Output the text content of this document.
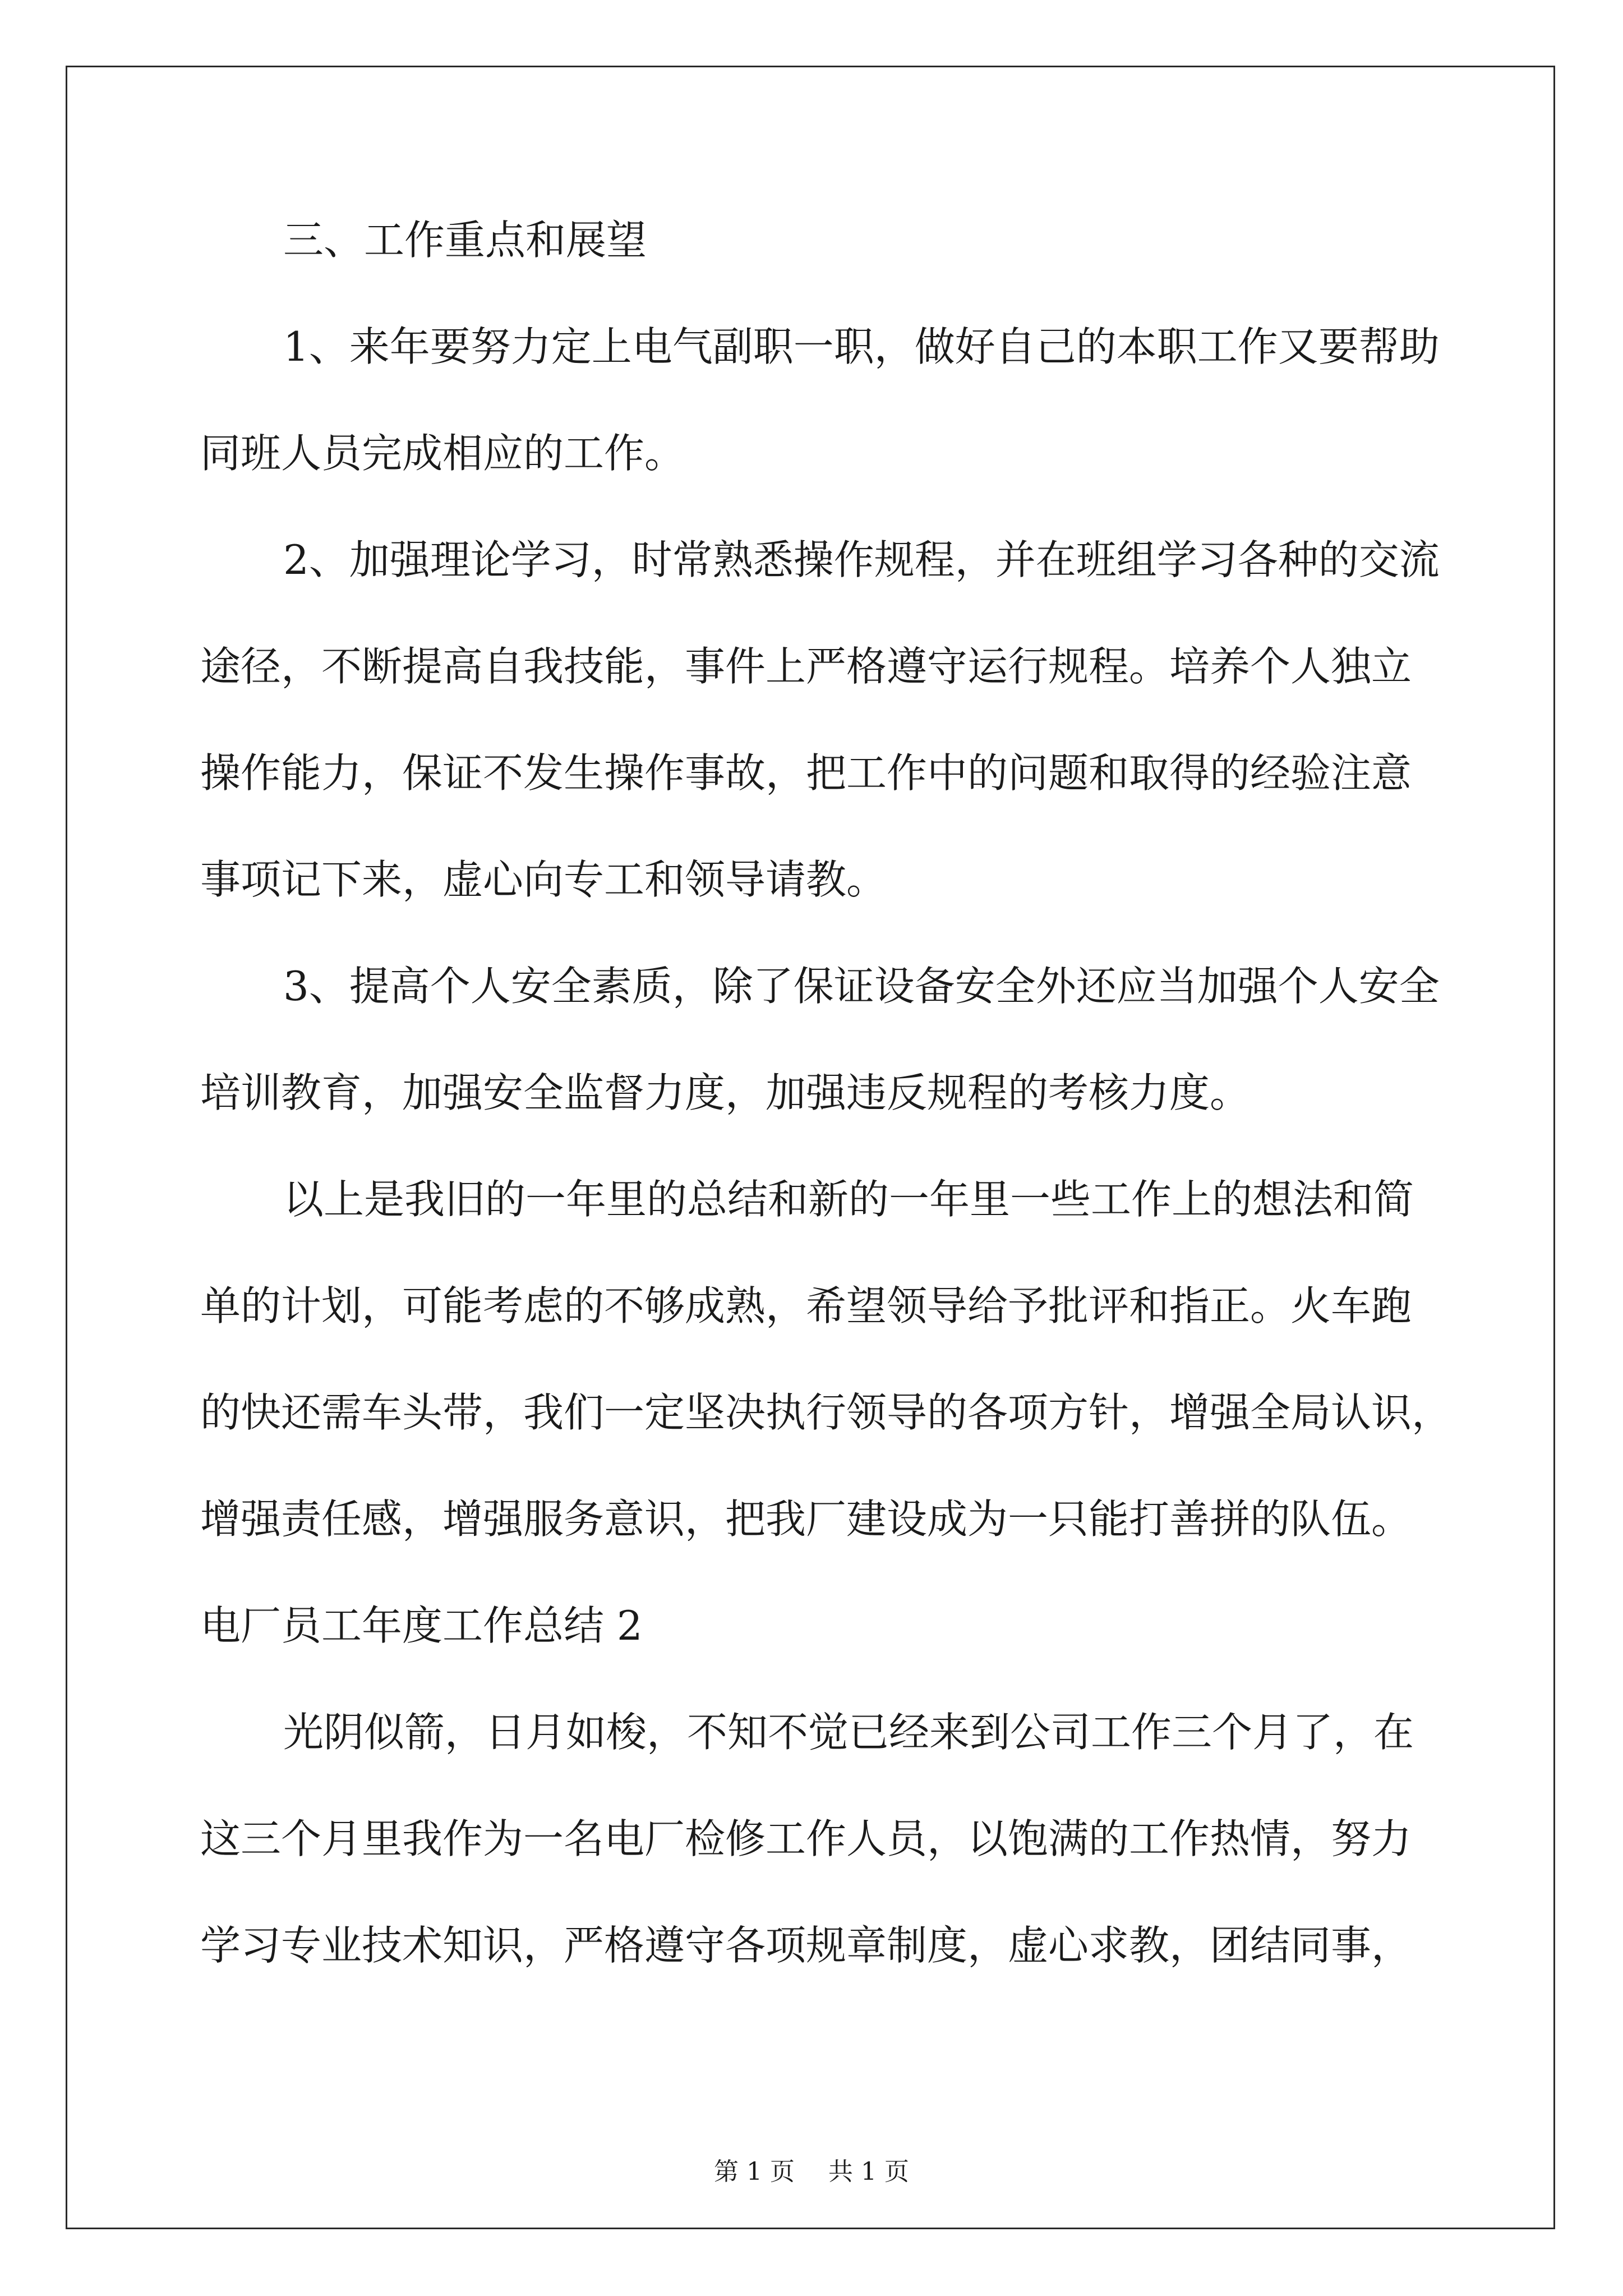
三、工作重点和展望

1、来年要努力定上电气副职一职，做好自己的本职工作又要帮助

同班人员完成相应的工作。

2、加强理论学习，时常熟悉操作规程，并在班组学习各种的交流

途径，不断提高自我技能，事件上严格遵守运行规程。培养个人独立

操作能力，保证不发生操作事故，把工作中的问题和取得的经验注意

事项记下来，虚心向专工和领导请教。

3、提高个人安全素质，除了保证设备安全外还应当加强个人安全

培训教育，加强安全监督力度，加强违反规程的考核力度。

以上是我旧的一年里的总结和新的一年里一些工作上的想法和简

单的计划，可能考虑的不够成熟，希望领导给予批评和指正。火车跑

的快还需车头带，我们一定坚决执行领导的各项方针，增强全局认识，

增强责任感，增强服务意识，把我厂建设成为一只能打善拼的队伍。

电厂员工年度工作总结 2

光阴似箭，日月如梭，不知不觉已经来到公司工作三个月了，在

这三个月里我作为一名电厂检修工作人员，以饱满的工作热情，努力

学习专业技术知识，严格遵守各项规章制度，虚心求教，团结同事，

第 1 页 共 1 页
